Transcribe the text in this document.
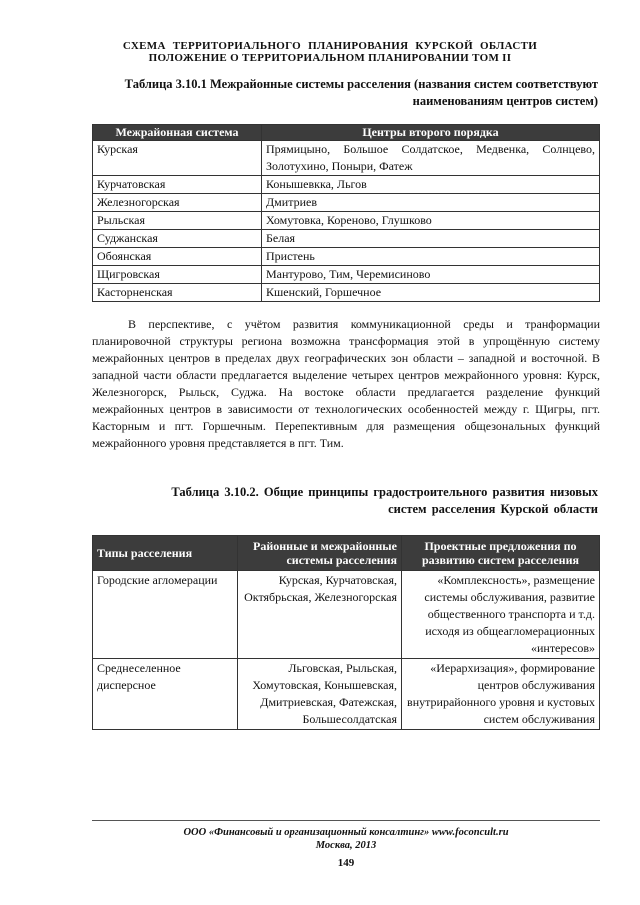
СХЕМА ТЕРРИТОРИАЛЬНОГО ПЛАНИРОВАНИЯ КУРСКОЙ ОБЛАСТИ
ПОЛОЖЕНИЕ О ТЕРРИТОРИАЛЬНОМ ПЛАНИРОВАНИИ ТОМ II
Таблица 3.10.1 Межрайонные системы расселения (названия систем соответствуют
наименованиям центров систем)
Межрайонная система	Центры второго порядка
Курская	Прямицыно, Большое Солдатское, Медвенка, Солнцево, Золотухино, Поныри, Фатеж
Курчатовская	Конышевкка, Льгов
Железногорская	Дмитриев
Рыльская	Хомутовка, Кореново, Глушково
Суджанская	Белая
Обоянская	Пристень
Щигровская	Мантурово, Тим, Черемисиново
Касторненская	Кшенский, Горшечное
В перспективе, с учётом развития коммуникационной среды и транформации планировочной структуры региона возможна трансформация этой в упрощённую систему межрайонных центров в пределах двух географических зон области – западной и восточной. В западной части области предлагается выделение четырех центров межрайонного уровня: Курск, Железногорск, Рыльск, Суджа. На востоке области предлагается разделение функций межрайонных центров в зависимости от технологических особенностей между г. Щигры, пгт. Касторным и пгт. Горшечным. Перепективным для размещения общезональных функций межрайонного уровня представляется в пгт. Тим.
Таблица 3.10.2. Общие принципы градостроительного развития низовых
систем расселения Курской области
Типы расселения	Районные и межрайонные системы расселения	Проектные предложения по развитию систем расселения
Городские агломерации	Курская, Курчатовская, Октябрьская, Железногорская	«Комплексность», размещение системы обслуживания, развитие общественного транспорта и т.д. исходя из общеагломерационных «интересов»
Среднеселенное дисперсное	Льговская, Рыльская, Хомутовская, Конышевская, Дмитриевская, Фатежская, Большесолдатская	«Иерархизация», формирование центров обслуживания внутрирайонного уровня и кустовых систем обслуживания
ООО «Финансовый и организационный консалтинг» www.foconcult.ru
Москва, 2013
149
